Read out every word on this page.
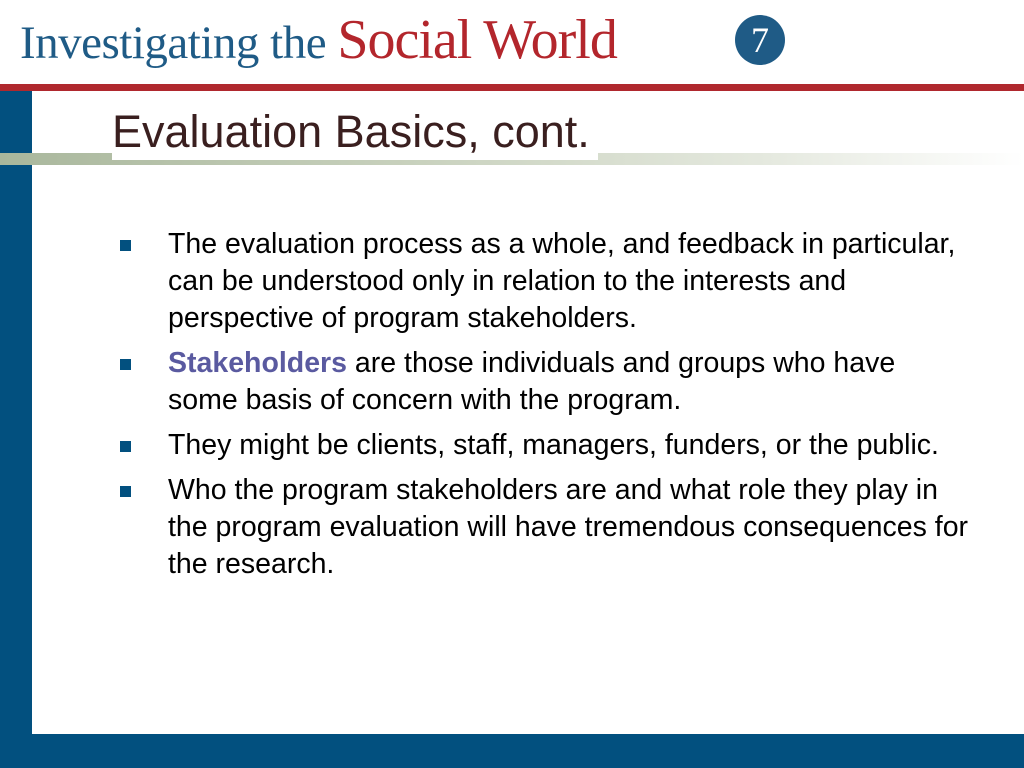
Investigating the Social World	7
Evaluation Basics, cont.
The evaluation process as a whole, and feedback in particular, can be understood only in relation to the interests and perspective of program stakeholders.
Stakeholders are those individuals and groups who have some basis of concern with the program.
They might be clients, staff, managers, funders, or the public.
Who the program stakeholders are and what role they play in the program evaluation will have tremendous consequences for the research.
